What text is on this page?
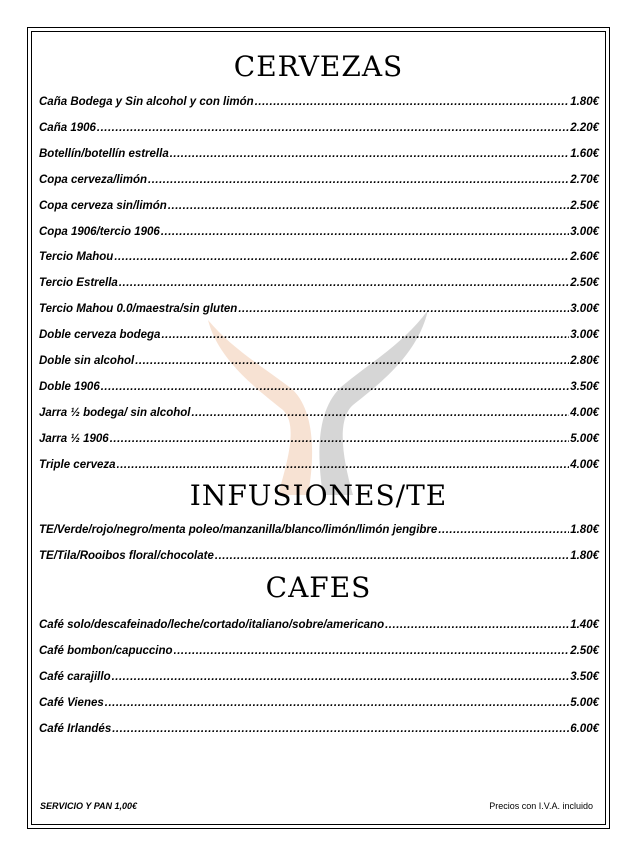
CERVEZAS
Caña Bodega y Sin alcohol y con limón .....	1.80€
Caña 1906 .....	2.20€
Botellín/botellín estrella .....	1.60€
Copa cerveza/limón .....	2.70€
Copa cerveza sin/limón .....	2.50€
Copa 1906/tercio 1906 .....	3.00€
Tercio Mahou .....	2.60€
Tercio Estrella .....	2.50€
Tercio Mahou 0.0/maestra/sin gluten .....	3.00€
Doble cerveza bodega .....	3.00€
Doble sin alcohol .....	2.80€
Doble 1906 .....	3.50€
Jarra ½ bodega/ sin alcohol .....	4.00€
Jarra ½ 1906 .....	5.00€
Triple cerveza .....	4.00€
INFUSIONES/TE
TE/Verde/rojo/negro/menta poleo/manzanilla/blanco/limón/limón jengibre .....	1.80€
TE/Tila/Rooibos floral/chocolate .....	1.80€
CAFES
Café solo/descafeinado/leche/cortado/italiano/sobre/americano .....	1.40€
Café bombon/capuccino .....	2.50€
Café carajillo .....	3.50€
Café Vienes .....	5.00€
Café Irlandés .....	6.00€
SERVICIO Y PAN 1,00€	Precios con I.V.A. incluido
